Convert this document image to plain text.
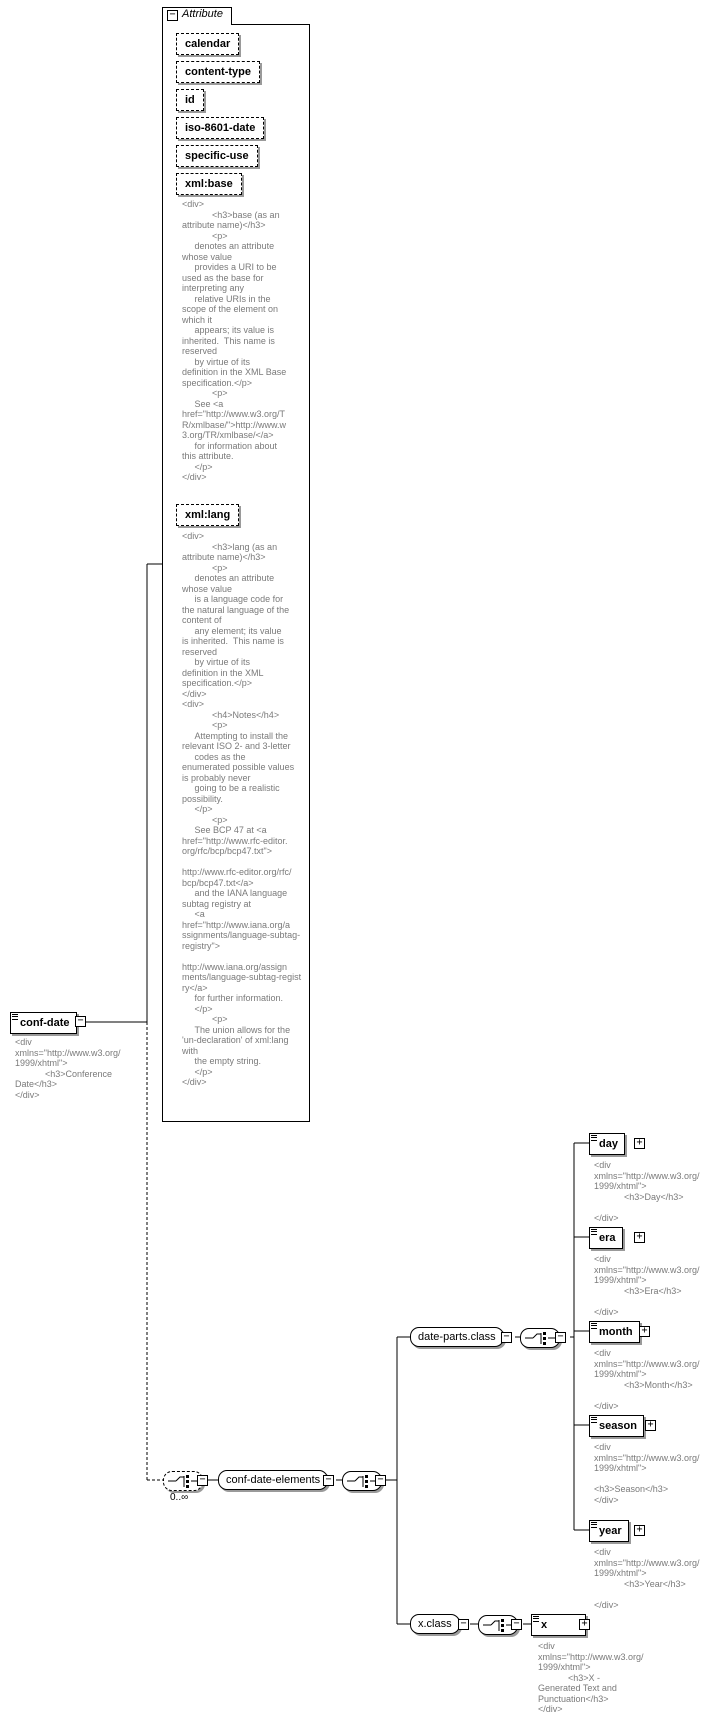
conf-date −
<div
xmlns="http://www.w3.org/
1999/xhtml">
<h3>Conference
Date</h3>
</div>
− Attribute
calendar
content-type
id
iso-8601-date
specific-use
xml:base
<div>
<h3>base (as an
attribute name)</h3>
<p>
denotes an attribute
whose value
provides a URI to be
used as the base for
interpreting any
relative URIs in the
scope of the element on
which it
appears; its value is
inherited.  This name is
reserved
by virtue of its
definition in the XML Base
specification.</p>
<p>
See <a
href="http://www.w3.org/T
R/xmlbase/">http://www.w
3.org/TR/xmlbase/</a>
for information about
this attribute.
</p>
</div>
xml:lang
<div>
<h3>lang (as an
attribute name)</h3>
<p>
denotes an attribute
whose value
is a language code for
the natural language of the
content of
any element; its value
is inherited.  This name is
reserved
by virtue of its
definition in the XML
specification.</p>
</div>
<div>
<h4>Notes</h4>
<p>
Attempting to install the
relevant ISO 2- and 3-letter
codes as the
enumerated possible values
is probably never
going to be a realistic
possibility.
</p>
<p>
See BCP 47 at <a
href="http://www.rfc-editor.
org/rfc/bcp/bcp47.txt">

http://www.rfc-editor.org/rfc/
bcp/bcp47.txt</a>
and the IANA language
subtag registry at
<a
href="http://www.iana.org/a
ssignments/language-subtag-
registry">

http://www.iana.org/assign
ments/language-subtag-regist
ry</a>
for further information.
</p>
<p>
The union allows for the
'un-declaration' of xml:lang
with
the empty string.
</p>
</div>
−
0..∞
conf-date-elements −	−
date-parts.class −	−
day	+
<div
xmlns="http://www.w3.org/
1999/xhtml">
<h3>Day</h3>

</div>
era	+
<div
xmlns="http://www.w3.org/
1999/xhtml">
<h3>Era</h3>

</div>
month +
<div
xmlns="http://www.w3.org/
1999/xhtml">
<h3>Month</h3>

</div>
season	+
<div
xmlns="http://www.w3.org/
1999/xhtml">

<h3>Season</h3>
</div>
year	+
<div
xmlns="http://www.w3.org/
1999/xhtml">
<h3>Year</h3>

</div>
x.class −	−	x	+
<div
xmlns="http://www.w3.org/
1999/xhtml">
<h3>X -
Generated Text and
Punctuation</h3>
</div>
